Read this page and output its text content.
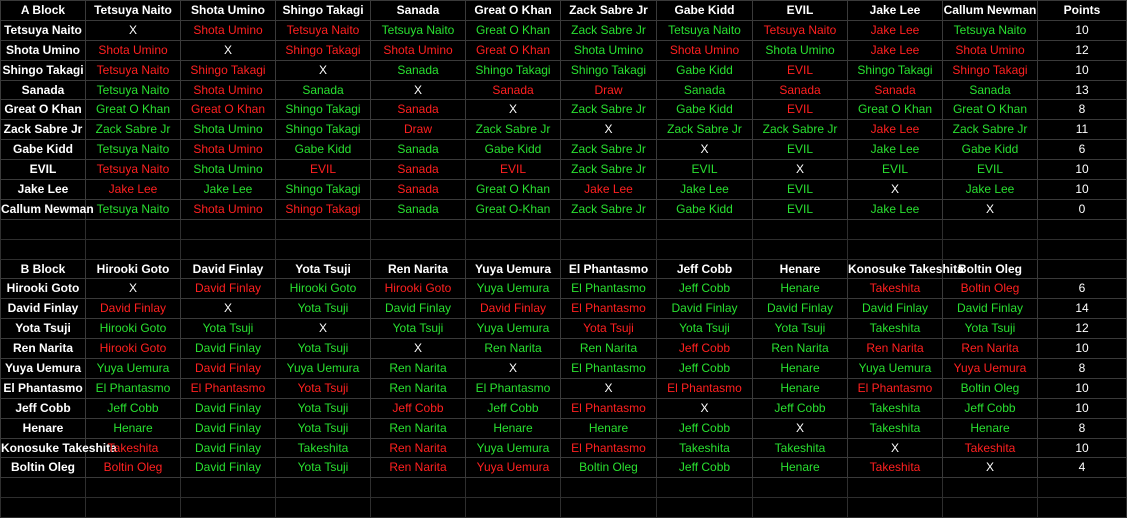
A Block	Tetsuya Naito	Shota Umino	Shingo Takagi	Sanada	Great O Khan	Zack Sabre Jr	Gabe Kidd	EVIL	Jake Lee	Callum Newman	Points
Tetsuya Naito	X	Shota Umino	Tetsuya Naito	Tetsuya Naito	Great O Khan	Zack Sabre Jr	Tetsuya Naito	Tetsuya Naito	Jake Lee	Tetsuya Naito	10
Shota Umino	Shota Umino	X	Shingo Takagi	Shota Umino	Great O Khan	Shota Umino	Shota Umino	Shota Umino	Jake Lee	Shota Umino	12
Shingo Takagi	Tetsuya Naito	Shingo Takagi	X	Sanada	Shingo Takagi	Shingo Takagi	Gabe Kidd	EVIL	Shingo Takagi	Shingo Takagi	10
Sanada	Tetsuya Naito	Shota Umino	Sanada	X	Sanada	Draw	Sanada	Sanada	Sanada	Sanada	13
Great O Khan	Great O Khan	Great O Khan	Shingo Takagi	Sanada	X	Zack Sabre Jr	Gabe Kidd	EVIL	Great O Khan	Great O Khan	8
Zack Sabre Jr	Zack Sabre Jr	Shota Umino	Shingo Takagi	Draw	Zack Sabre Jr	X	Zack Sabre Jr	Zack Sabre Jr	Jake Lee	Zack Sabre Jr	11
Gabe Kidd	Tetsuya Naito	Shota Umino	Gabe Kidd	Sanada	Gabe Kidd	Zack Sabre Jr	X	EVIL	Jake Lee	Gabe Kidd	6
EVIL	Tetsuya Naito	Shota Umino	EVIL	Sanada	EVIL	Zack Sabre Jr	EVIL	X	EVIL	EVIL	10
Jake Lee	Jake Lee	Jake Lee	Shingo Takagi	Sanada	Great O Khan	Jake Lee	Jake Lee	EVIL	X	Jake Lee	10
Callum Newman	Tetsuya Naito	Shota Umino	Shingo Takagi	Sanada	Great O-Khan	Zack Sabre Jr	Gabe Kidd	EVIL	Jake Lee	X	0

B Block	Hirooki Goto	David Finlay	Yota Tsuji	Ren Narita	Yuya Uemura	El Phantasmo	Jeff Cobb	Henare	Konosuke Takeshita	Boltin Oleg	
Hirooki Goto	X	David Finlay	Hirooki Goto	Hirooki Goto	Yuya Uemura	El Phantasmo	Jeff Cobb	Henare	Takeshita	Boltin Oleg	6
David Finlay	David Finlay	X	Yota Tsuji	David Finlay	David Finlay	El Phantasmo	David Finlay	David Finlay	David Finlay	David Finlay	14
Yota Tsuji	Hirooki Goto	Yota Tsuji	X	Yota Tsuji	Yuya Uemura	Yota Tsuji	Yota Tsuji	Yota Tsuji	Takeshita	Yota Tsuji	12
Ren Narita	Hirooki Goto	David Finlay	Yota Tsuji	X	Ren Narita	Ren Narita	Jeff Cobb	Ren Narita	Ren Narita	Ren Narita	10
Yuya Uemura	Yuya Uemura	David Finlay	Yuya Uemura	Ren Narita	X	El Phantasmo	Jeff Cobb	Henare	Yuya Uemura	Yuya Uemura	8
El Phantasmo	El Phantasmo	El Phantasmo	Yota Tsuji	Ren Narita	El Phantasmo	X	El Phantasmo	Henare	El Phantasmo	Boltin Oleg	10
Jeff Cobb	Jeff Cobb	David Finlay	Yota Tsuji	Jeff Cobb	Jeff Cobb	El Phantasmo	X	Jeff Cobb	Takeshita	Jeff Cobb	10
Henare	Henare	David Finlay	Yota Tsuji	Ren Narita	Henare	Henare	Jeff Cobb	X	Takeshita	Henare	8
Konosuke Takeshita	Takeshita	David Finlay	Takeshita	Ren Narita	Yuya Uemura	El Phantasmo	Takeshita	Takeshita	X	Takeshita	10
Boltin Oleg	Boltin Oleg	David Finlay	Yota Tsuji	Ren Narita	Yuya Uemura	Boltin Oleg	Jeff Cobb	Henare	Takeshita	X	4
